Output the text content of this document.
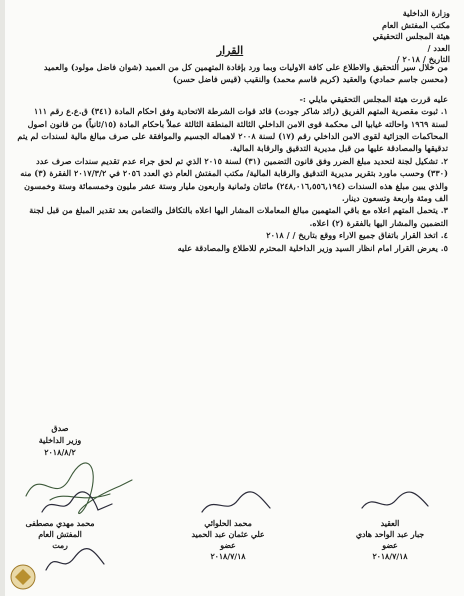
وزارة الداخلية
مكتب المفتش العام
هيئة المجلس التحقيقي
العدد /
التاريخ / ٢٠١٨ /
القرار

من خلال سير التحقيق والاطلاع على كافة الاوليات وبما ورد بإفادة المتهمين كل من العميد (شوان فاضل مولود) والعميد (محسن جاسم حمادي) والعقيد (كريم قاسم محمد) والنقيب (قيس فاضل حسن)

عليه قررت هيئة المجلس التحقيقي مايلي :-

١. ثبوت مقصرية المتهم الفريق (رائد شاكر جودت) قائد قوات الشرطة الاتحادية وفق احكام المادة (٣٤١) ق.ع.ع رقم ١١١ لسنة ١٩٦٩ واحالته غيابيا الى محكمة قوى الامن الداخلي الثالثة المنطقة الثالثة عملاً باحكام المادة (١٥/ثانياً) من قانون اصول المحاكمات الجزائية لقوى الامن الداخلي رقم (١٧) لسنة ٢٠٠٨ لاهماله الجسيم والموافقة على صرف مبالغ مالية لسندات لم يتم تدقيقها والمصادقة عليها من قبل مديرية التدقيق والرقابة المالية.

٢. تشكيل لجنة لتحديد مبلغ الضرر وفق قانون التضمين (٣١) لسنة ٢٠١٥ الذي تم لحق جراء عدم تقديم سندات صرف عدد (٣٣٠) وحسب ماورد بتقرير مديرية التدقيق والرقابة المالية/ مكتب المفتش العام ذي العدد ٢٠٥٦ في ٢٠١٧/٣/٢ الفقرة (٣) منه والذي يبين مبلغ هذه السندات (٢٤٨,٠١٦,٥٥٦,١٩٤) مائتان وثمانية واربعون مليار وستة عشر مليون وخمسمائة وستة وخمسون الف ومئة واربعة وتسعون دينار.

٣. يتحمل المتهم اعلاه مع باقي المتهمين مبالغ المعاملات المشار اليها اعلاه بالتكافل والتضامن بعد تقدير المبلغ من قبل لجنة التضمين والمشار اليها بالفقرة (٢) اعلاه.

٤. اتخذ القرار باتفاق جميع الاراء ووقع بتاريخ / / ٢٠١٨

٥. يعرض القرار امام انظار السيد وزير الداخلية المحترم للاطلاع والمصادقة عليه

صدق
وزير الداخلية
٢٠١٨/٨/٢
محمد مهدي مصطفى
المفتش العام
رمت
محمد الحلوائي
علي عثمان عبد الحميد
عضو
٢٠١٨/٧/١٨
العقيد
جبار عبد الواحد هادي
عضو
٢٠١٨/٧/١٨
